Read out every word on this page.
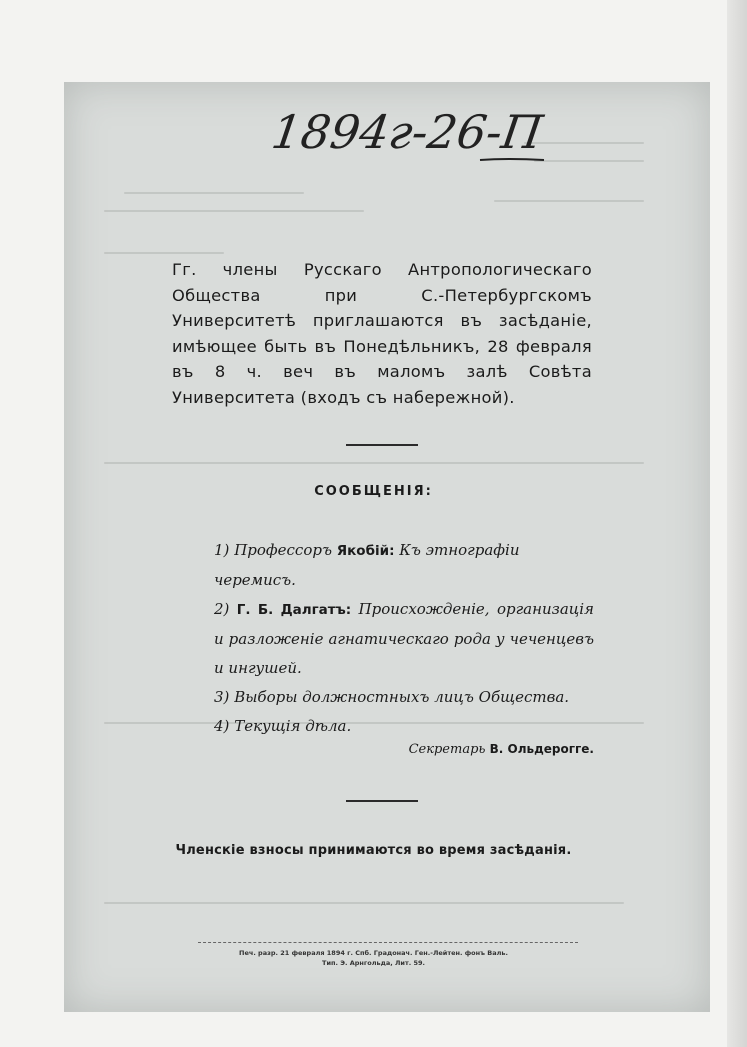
1894г-26-П
Гг. члены Русскаго Антропологическаго Общества при С.-Петербургскомъ Университетѣ приглашаются въ засѣданіе, имѣющее быть въ Понедѣльникъ, 28 февраля въ 8 ч. веч въ маломъ залѣ Совѣта Университета (входъ съ набережной).
СООБЩЕНІЯ:

1) Профессоръ Якобій: Къ этнографіи черемисъ.

2) Г. Б. Далгатъ: Происхожденіе, организація и разложеніе агнатическаго рода у чеченцевъ и ингушей.

3) Выборы должностныхъ лицъ Общества.

4) Текущія дѣла.

Секретарь В. Ольдерогге.
Членскіе взносы принимаются во время засѣданія.
Печ. разр. 21 февраля 1894 г. Спб. Градонач. Ген.-Лейтен. фонъ Валь.
Тип. Э. Арнгольда, Лит. 59.
